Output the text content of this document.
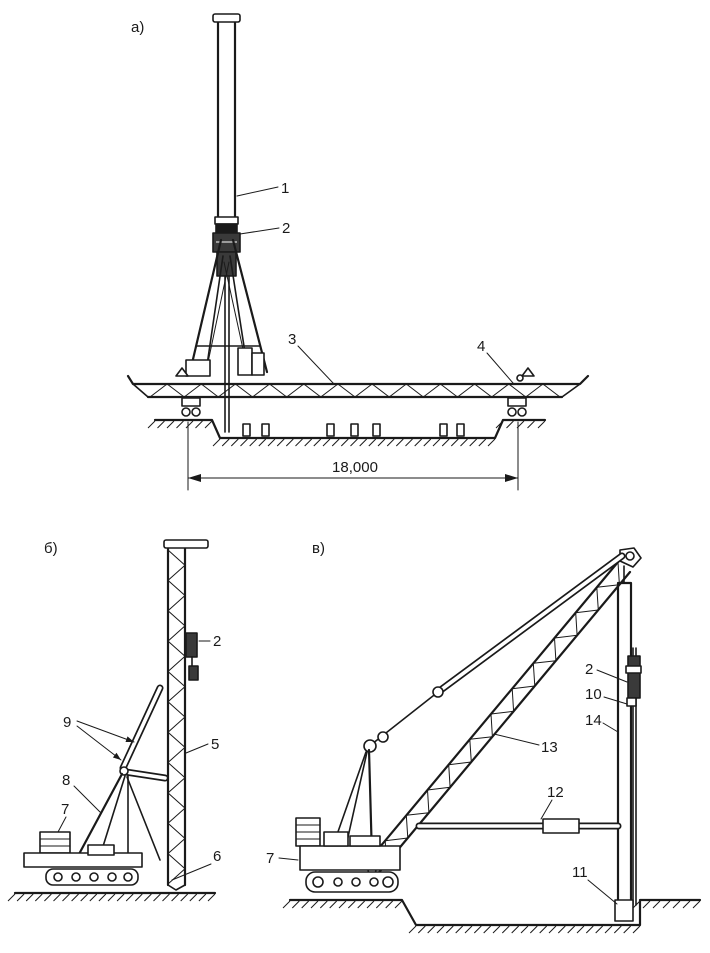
а)
18,000
1
2
3	4
б)
2
9
5
8
7
6
в)
2
10
14
13
12
7
11
